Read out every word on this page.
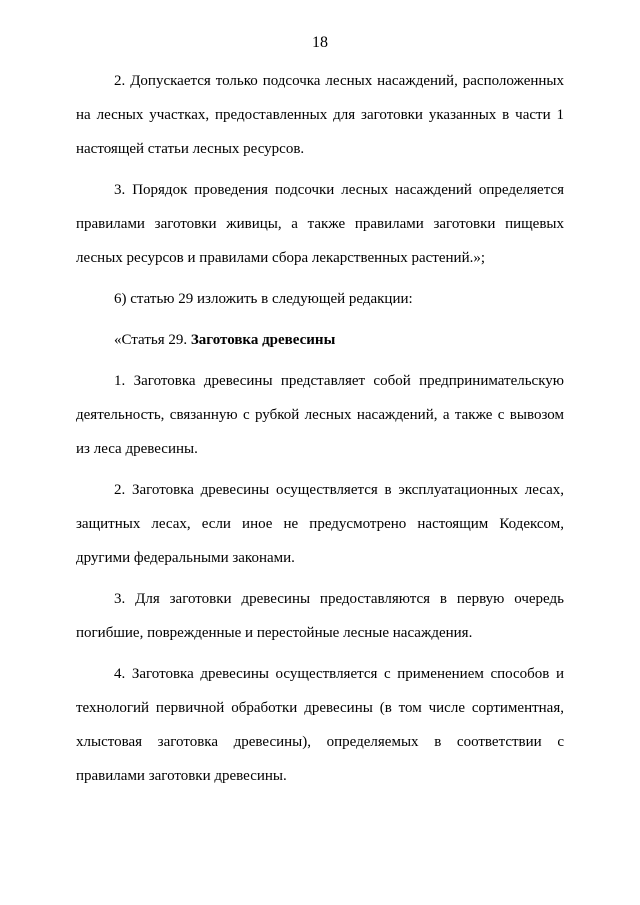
18

2. Допускается только подсочка лесных насаждений, расположенных на лесных участках, предоставленных для заготовки указанных в части 1 настоящей статьи лесных ресурсов.

3. Порядок проведения подсочки лесных насаждений определяется правилами заготовки живицы, а также правилами заготовки пищевых лесных ресурсов и правилами сбора лекарственных растений.»;

6) статью 29 изложить в следующей редакции:

«Статья 29. Заготовка древесины

1. Заготовка древесины представляет собой предпринимательскую деятельность, связанную с рубкой лесных насаждений, а также с вывозом из леса древесины.

2. Заготовка древесины осуществляется в эксплуатационных лесах, защитных лесах, если иное не предусмотрено настоящим Кодексом, другими федеральными законами.

3. Для заготовки древесины предоставляются в первую очередь погибшие, поврежденные и перестойные лесные насаждения.

4. Заготовка древесины осуществляется с применением способов и технологий первичной обработки древесины (в том числе сортиментная, хлыстовая заготовка древесины), определяемых в соответствии с правилами заготовки древесины.
